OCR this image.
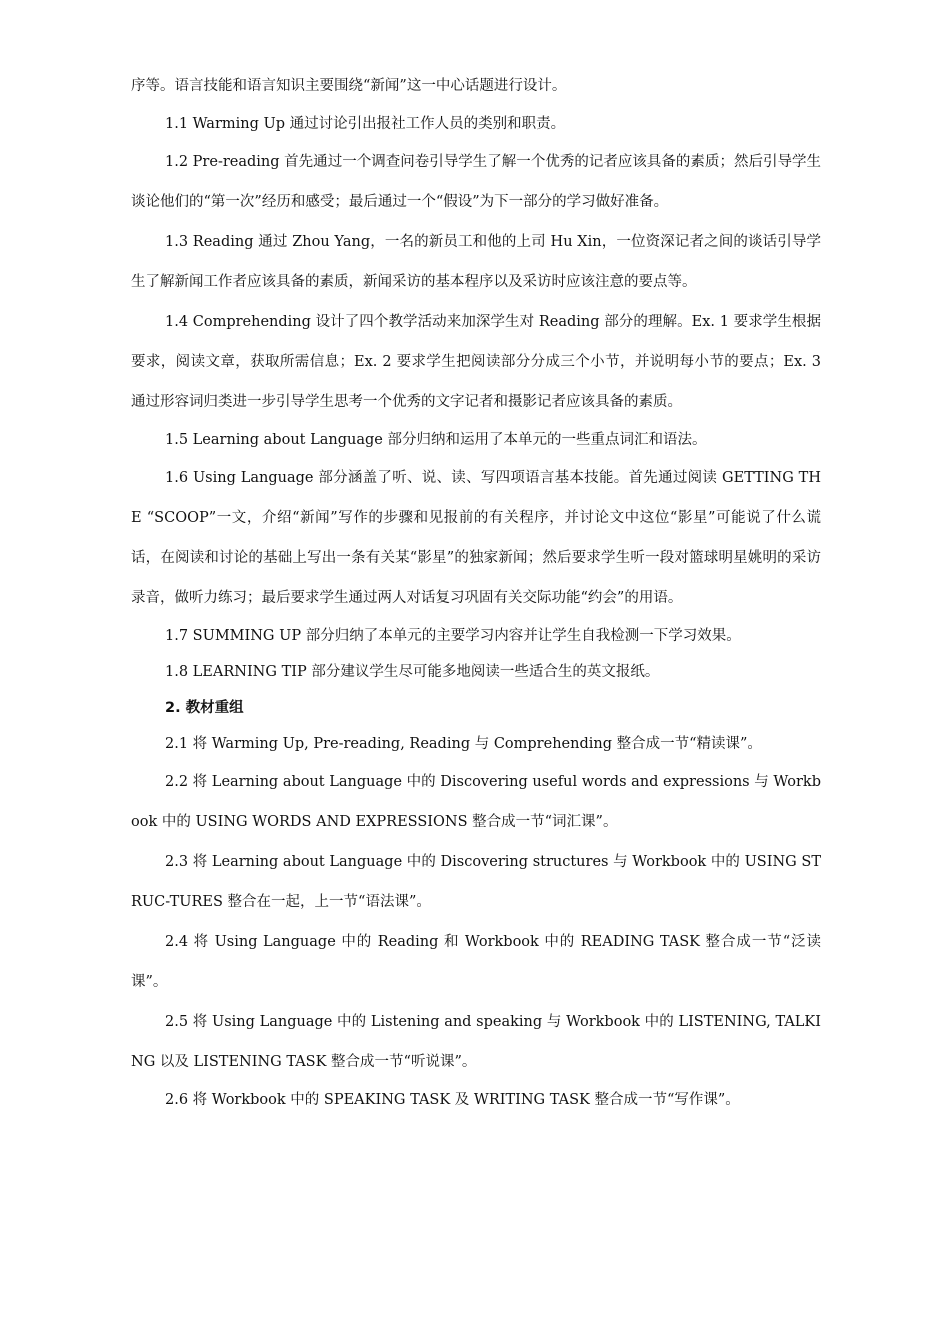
序等。语言技能和语言知识主要围绕“新闻”这一中心话题进行设计。

1.1 Warming Up 通过讨论引出报社工作人员的类别和职责。

1.2 Pre-reading 首先通过一个调查问卷引导学生了解一个优秀的记者应该具备的素质；然后引导学生谈论他们的“第一次”经历和感受；最后通过一个“假设”为下一部分的学习做好准备。

1.3 Reading 通过 Zhou Yang，一名的新员工和他的上司 Hu Xin，一位资深记者之间的谈话引导学生了解新闻工作者应该具备的素质，新闻采访的基本程序以及采访时应该注意的要点等。

1.4 Comprehending 设计了四个教学活动来加深学生对 Reading 部分的理解。Ex. 1 要求学生根据要求，阅读文章，获取所需信息；Ex. 2 要求学生把阅读部分分成三个小节，并说明每小节的要点；Ex. 3 通过形容词归类进一步引导学生思考一个优秀的文字记者和摄影记者应该具备的素质。

1.5 Learning about Language 部分归纳和运用了本单元的一些重点词汇和语法。

1.6 Using Language 部分涵盖了听、说、读、写四项语言基本技能。首先通过阅读 GETTING THE “SCOOP”一文，介绍“新闻”写作的步骤和见报前的有关程序，并讨论文中这位“影星”可能说了什么谎话，在阅读和讨论的基础上写出一条有关某“影星”的独家新闻；然后要求学生听一段对篮球明星姚明的采访录音，做听力练习；最后要求学生通过两人对话复习巩固有关交际功能“约会”的用语。

1.7 SUMMING UP 部分归纳了本单元的主要学习内容并让学生自我检测一下学习效果。

1.8 LEARNING TIP 部分建议学生尽可能多地阅读一些适合生的英文报纸。

2. 教材重组

2.1 将 Warming Up, Pre-reading, Reading 与 Comprehending 整合成一节“精读课”。

2.2 将 Learning about Language 中的 Discovering useful words and expressions 与 Workbook 中的 USING WORDS AND EXPRESSIONS 整合成一节“词汇课”。

2.3 将 Learning about Language 中的 Discovering structures 与 Workbook 中的 USING STRUC-TURES 整合在一起，上一节“语法课”。

2.4 将 Using Language 中的 Reading 和 Workbook 中的 READING TASK 整合成一节“泛读课”。

2.5 将 Using Language 中的 Listening and speaking 与 Workbook 中的 LISTENING, TALKING 以及 LISTENING TASK 整合成一节“听说课”。

2.6 将 Workbook 中的 SPEAKING TASK 及 WRITING TASK 整合成一节“写作课”。
